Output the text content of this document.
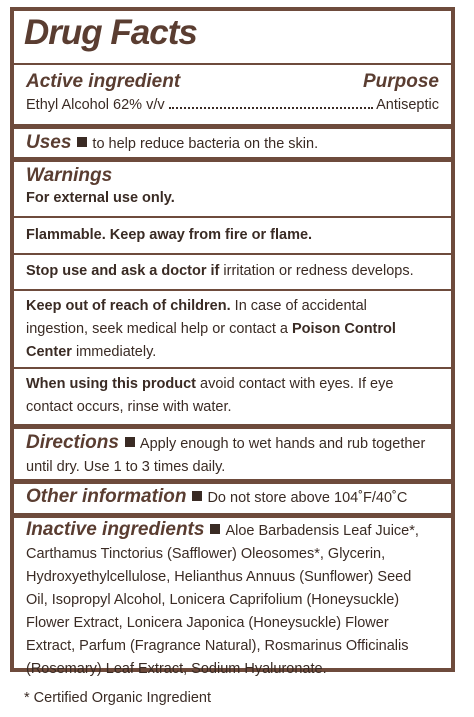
Drug Facts
Active ingredient	Purpose
Ethyl Alcohol 62% v/v	Antiseptic
Uses to help reduce bacteria on the skin.
Warnings
For external use only.
Flammable. Keep away from fire or flame.
Stop use and ask a doctor if irritation or redness develops.
Keep out of reach of children. In case of accidental
ingestion, seek medical help or contact a Poison Control
Center immediately.
When using this product avoid contact with eyes. If eye
contact occurs, rinse with water.
Directions Apply enough to wet hands and rub together
until dry. Use 1 to 3 times daily.
Other information Do not store above 104˚F/40˚C
Inactive ingredients Aloe Barbadensis Leaf Juice*,
Carthamus Tinctorius (Safflower) Oleosomes*, Glycerin,
Hydroxyethylcellulose, Helianthus Annuus (Sunflower) Seed
Oil, Isopropyl Alcohol, Lonicera Caprifolium (Honeysuckle)
Flower Extract, Lonicera Japonica (Honeysuckle) Flower
Extract, Parfum (Fragrance Natural), Rosmarinus Officinalis
(Rosemary) Leaf Extract, Sodium Hyaluronate.
* Certified Organic Ingredient
